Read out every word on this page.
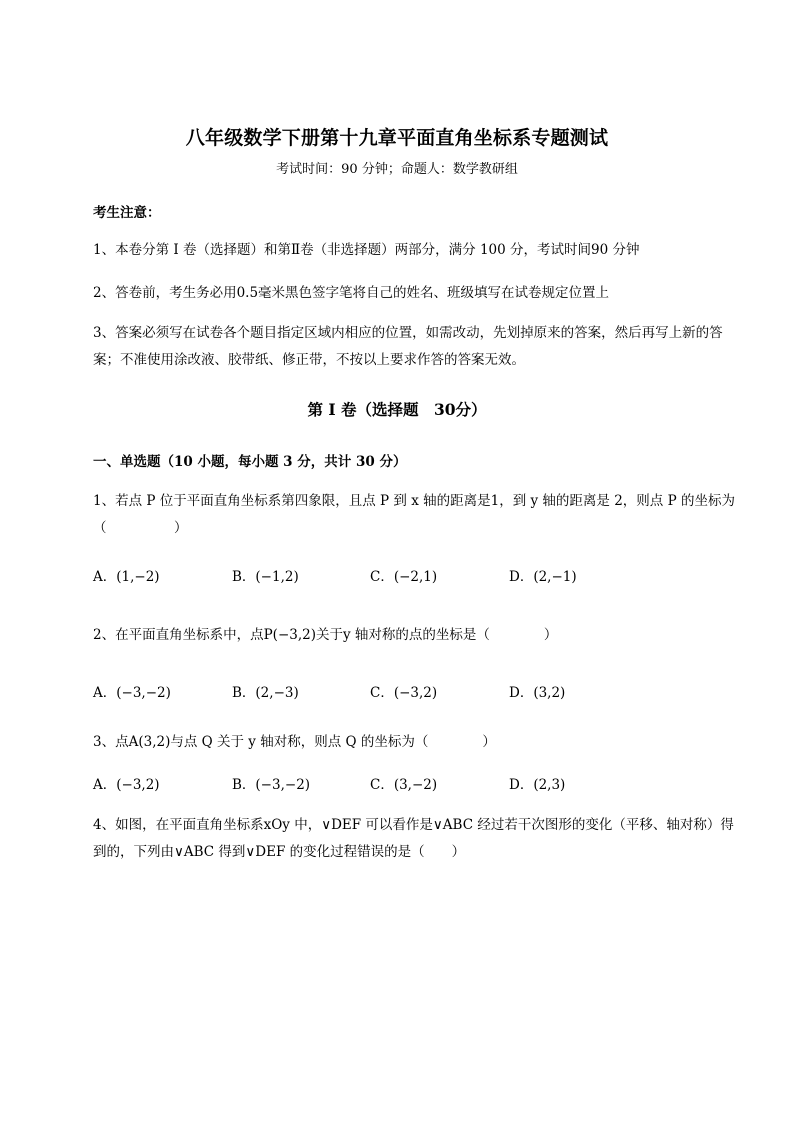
八年级数学下册第十九章平面直角坐标系专题测试
考试时间：90 分钟；命题人：数学教研组
考生注意：
1、本卷分第 I 卷（选择题）和第Ⅱ卷（非选择题）两部分，满分 100 分，考试时间90 分钟
2、答卷前，考生务必用0.5毫米黑色签字笔将自己的姓名、班级填写在试卷规定位置上
3、答案必须写在试卷各个题目指定区域内相应的位置，如需改动，先划掉原来的答案，然后再写上新的答案；不准使用涂改液、胶带纸、修正带，不按以上要求作答的答案无效。
第 I 卷（选择题　30分）
一、单选题（10 小题，每小题 3 分，共计 30 分）
1、若点 P 位于平面直角坐标系第四象限，且点 P 到 x 轴的距离是1，到 y 轴的距离是 2，则点 P 的坐标为（　　　　　）
A．(1,−2)	B．(−1,2)	C．(−2,1)	D．(2,−1)
2、在平面直角坐标系中，点P(−3,2)关于y 轴对称的点的坐标是（　　　　）
A．(−3,−2)	B．(2,−3)	C．(−3,2)	D．(3,2)
3、点A(3,2)与点 Q 关于 y 轴对称，则点 Q 的坐标为（　　　　）
A．(−3,2)	B．(−3,−2)	C．(3,−2)	D．(2,3)
4、如图，在平面直角坐标系xOy 中，∨DEF 可以看作是∨ABC 经过若干次图形的变化（平移、轴对称）得到的，下列由∨ABC 得到∨DEF 的变化过程错误的是（　　）
